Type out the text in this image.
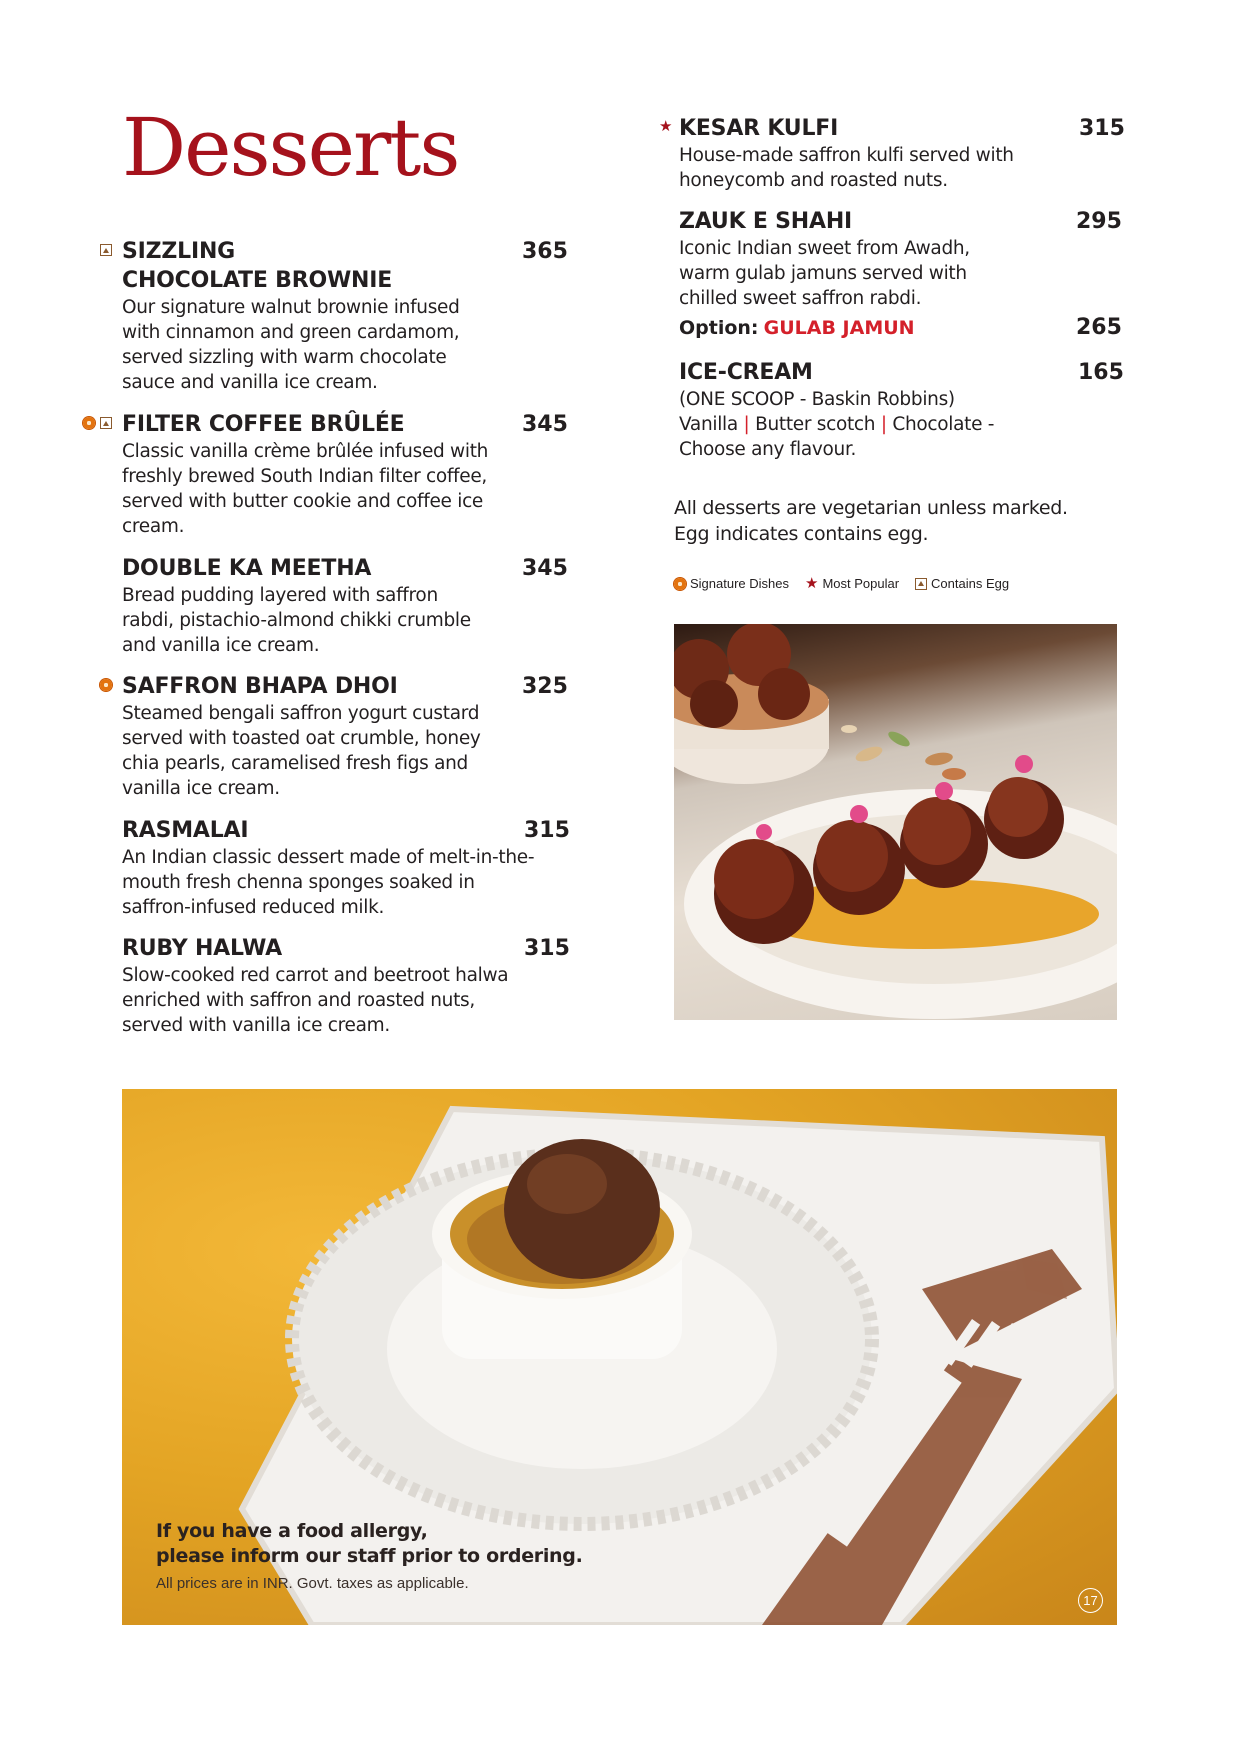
Desserts
SIZZLING
CHOCOLATE BROWNIE
365
Our signature walnut brownie infused with cinnamon and green cardamom, served sizzling with warm chocolate sauce and vanilla ice cream.
FILTER COFFEE BRÛLÉE	345
Classic vanilla crème brûlée infused with freshly brewed South Indian filter coffee, served with butter cookie and coffee ice cream.
DOUBLE KA MEETHA	345
Bread pudding layered with saffron rabdi, pistachio-almond chikki crumble and vanilla ice cream.
SAFFRON BHAPA DHOI	325
Steamed bengali saffron yogurt custard served with toasted oat crumble, honey chia pearls, caramelised fresh figs and vanilla ice cream.
RASMALAI	315
An Indian classic dessert made of melt-in-the-mouth fresh chenna sponges soaked in saffron-infused reduced milk.
RUBY HALWA	315
Slow-cooked red carrot and beetroot halwa enriched with saffron and roasted nuts, served with vanilla ice cream.
★ KESAR KULFI	315
House-made saffron kulfi served with honeycomb and roasted nuts.
ZAUK E SHAHI	295
Iconic Indian sweet from Awadh, warm gulab jamuns served with chilled sweet saffron rabdi.
Option: GULAB JAMUN	265
ICE-CREAM	165
(ONE SCOOP - Baskin Robbins)
Vanilla | Butter scotch | Chocolate -
Choose any flavour.
All desserts are vegetarian unless marked.
Egg indicates contains egg.
Signature Dishes ★ Most Popular Contains Egg
If you have a food allergy,
please inform our staff prior to ordering.
All prices are in INR. Govt. taxes as applicable.
17
